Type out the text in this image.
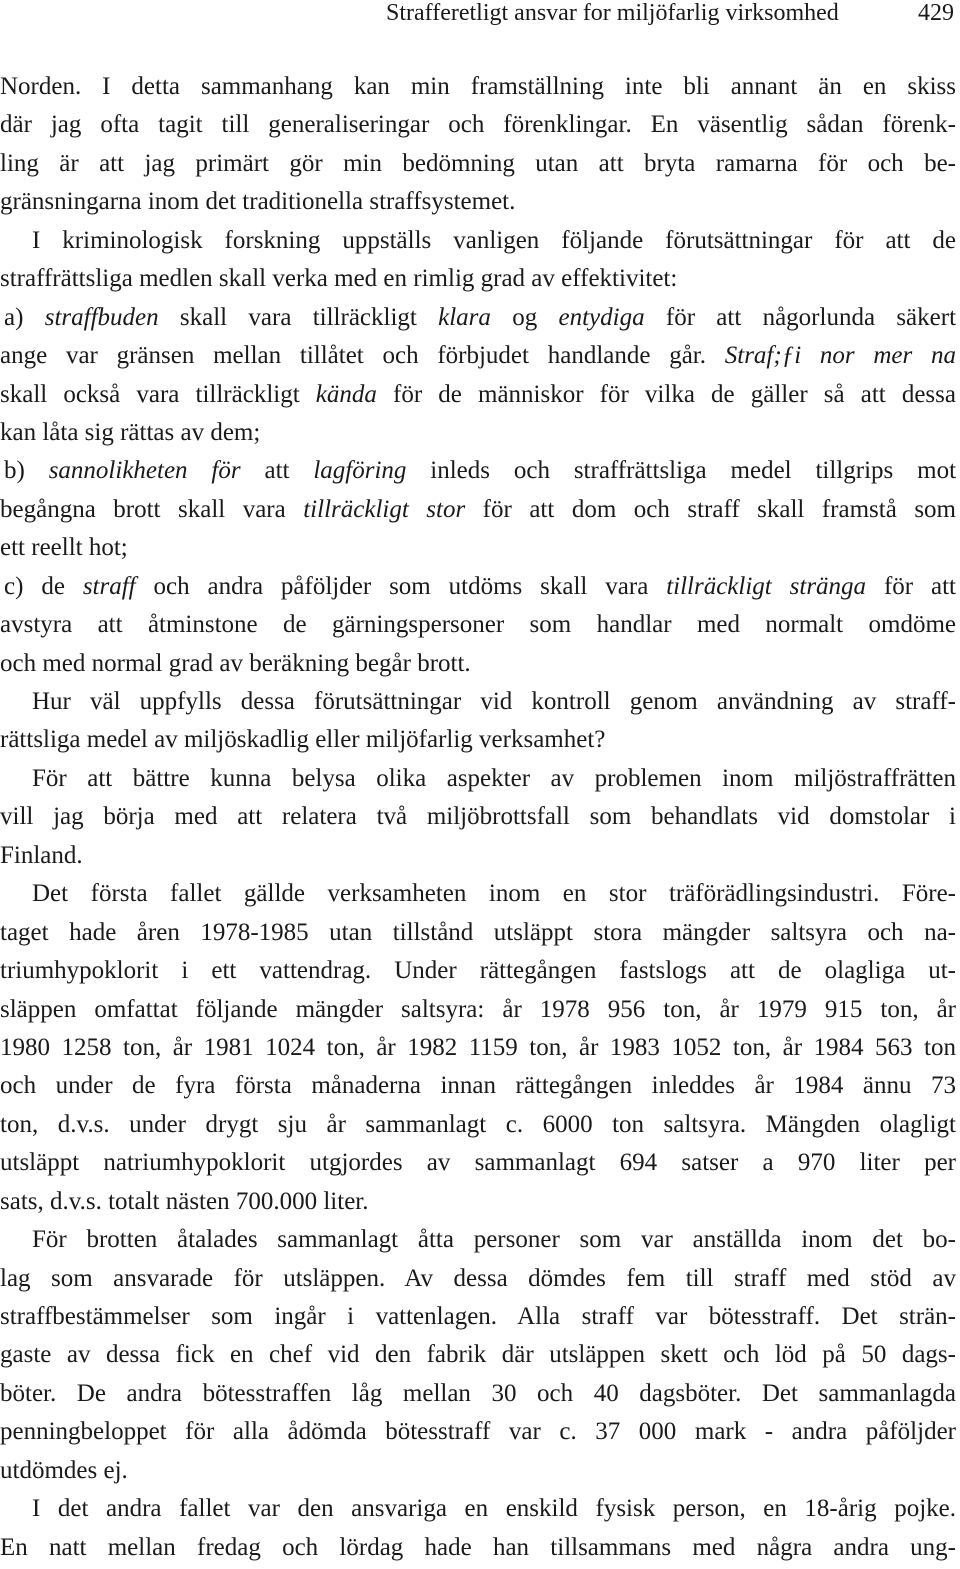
Strafferetligt ansvar for miljöfarlig virksomhed	429
Norden. I detta sammanhang kan min framställning inte bli annant än en skiss
där jag ofta tagit till generaliseringar och förenklingar. En väsentlig sådan förenk-
ling är att jag primärt gör min bedömning utan att bryta ramarna för och be-
gränsningarna inom det traditionella straffsystemet.
I kriminologisk forskning uppställs vanligen följande förutsättningar för att de
straffrättsliga medlen skall verka med en rimlig grad av effektivitet:
a) straffbuden skall vara tillräckligt klara og entydiga för att någorlunda säkert
ange var gränsen mellan tillåtet och förbjudet handlande går. Straf;ƒi nor mer na
skall också vara tillräckligt kända för de människor för vilka de gäller så att dessa
kan låta sig rättas av dem;
b) sannolikheten för att lagföring inleds och straffrättsliga medel tillgrips mot
begångna brott skall vara tillräckligt stor för att dom och straff skall framstå som
ett reellt hot;
c) de straff och andra påföljder som utdöms skall vara tillräckligt stränga för att
avstyra att åtminstone de gärningspersoner som handlar med normalt omdöme
och med normal grad av beräkning begår brott.
Hur väl uppfylls dessa förutsättningar vid kontroll genom användning av straff-
rättsliga medel av miljöskadlig eller miljöfarlig verksamhet?
För att bättre kunna belysa olika aspekter av problemen inom miljöstraffrätten
vill jag börja med att relatera två miljöbrottsfall som behandlats vid domstolar i
Finland.
Det första fallet gällde verksamheten inom en stor träförädlingsindustri. Före-
taget hade åren 1978-1985 utan tillstånd utsläppt stora mängder saltsyra och na-
triumhypoklorit i ett vattendrag. Under rättegången fastslogs att de olagliga ut-
släppen omfattat följande mängder saltsyra: år 1978 956 ton, år 1979 915 ton, år
1980 1258 ton, år 1981 1024 ton, år 1982 1159 ton, år 1983 1052 ton, år 1984 563 ton
och under de fyra första månaderna innan rättegången inleddes år 1984 ännu 73
ton, d.v.s. under drygt sju år sammanlagt c. 6000 ton saltsyra. Mängden olagligt
utsläppt natriumhypoklorit utgjordes av sammanlagt 694 satser a 970 liter per
sats, d.v.s. totalt nästen 700.000 liter.
För brotten åtalades sammanlagt åtta personer som var anställda inom det bo-
lag som ansvarade för utsläppen. Av dessa dömdes fem till straff med stöd av
straffbestämmelser som ingår i vattenlagen. Alla straff var bötesstraff. Det strän-
gaste av dessa fick en chef vid den fabrik där utsläppen skett och löd på 50 dags-
böter. De andra bötesstraffen låg mellan 30 och 40 dagsböter. Det sammanlagda
penningbeloppet för alla ådömda bötesstraff var c. 37 000 mark - andra påföljder
utdömdes ej.
I det andra fallet var den ansvariga en enskild fysisk person, en 18-årig pojke.
En natt mellan fredag och lördag hade han tillsammans med några andra ung-
